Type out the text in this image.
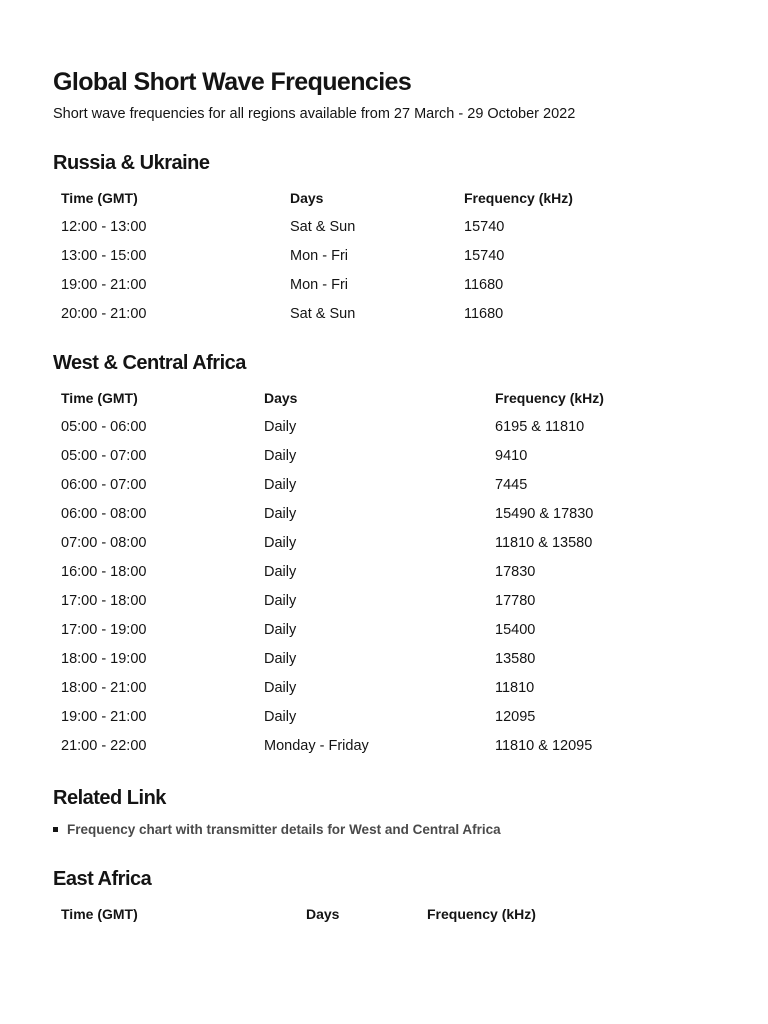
Global Short Wave Frequencies

Short wave frequencies for all regions available from 27 March - 29 October 2022

Russia & Ukraine
Time (GMT)	Days	Frequency (kHz)
12:00 - 13:00	Sat & Sun	15740
13:00 - 15:00	Mon - Fri	15740
19:00 - 21:00	Mon - Fri	11680
20:00 - 21:00	Sat & Sun	11680
West & Central Africa
Time (GMT)	Days	Frequency (kHz)
05:00 - 06:00	Daily	6195 & 11810
05:00 - 07:00	Daily	9410
06:00 - 07:00	Daily	7445
06:00 - 08:00	Daily	15490 & 17830
07:00 - 08:00	Daily	11810 & 13580
16:00 - 18:00	Daily	17830
17:00 - 18:00	Daily	17780
17:00 - 19:00	Daily	15400
18:00 - 19:00	Daily	13580
18:00 - 21:00	Daily	11810
19:00 - 21:00	Daily	12095
21:00 - 22:00	Monday - Friday	11810 & 12095
Related Link
Frequency chart with transmitter details for West and Central Africa
East Africa
Time (GMT)	Days	Frequency (kHz)
